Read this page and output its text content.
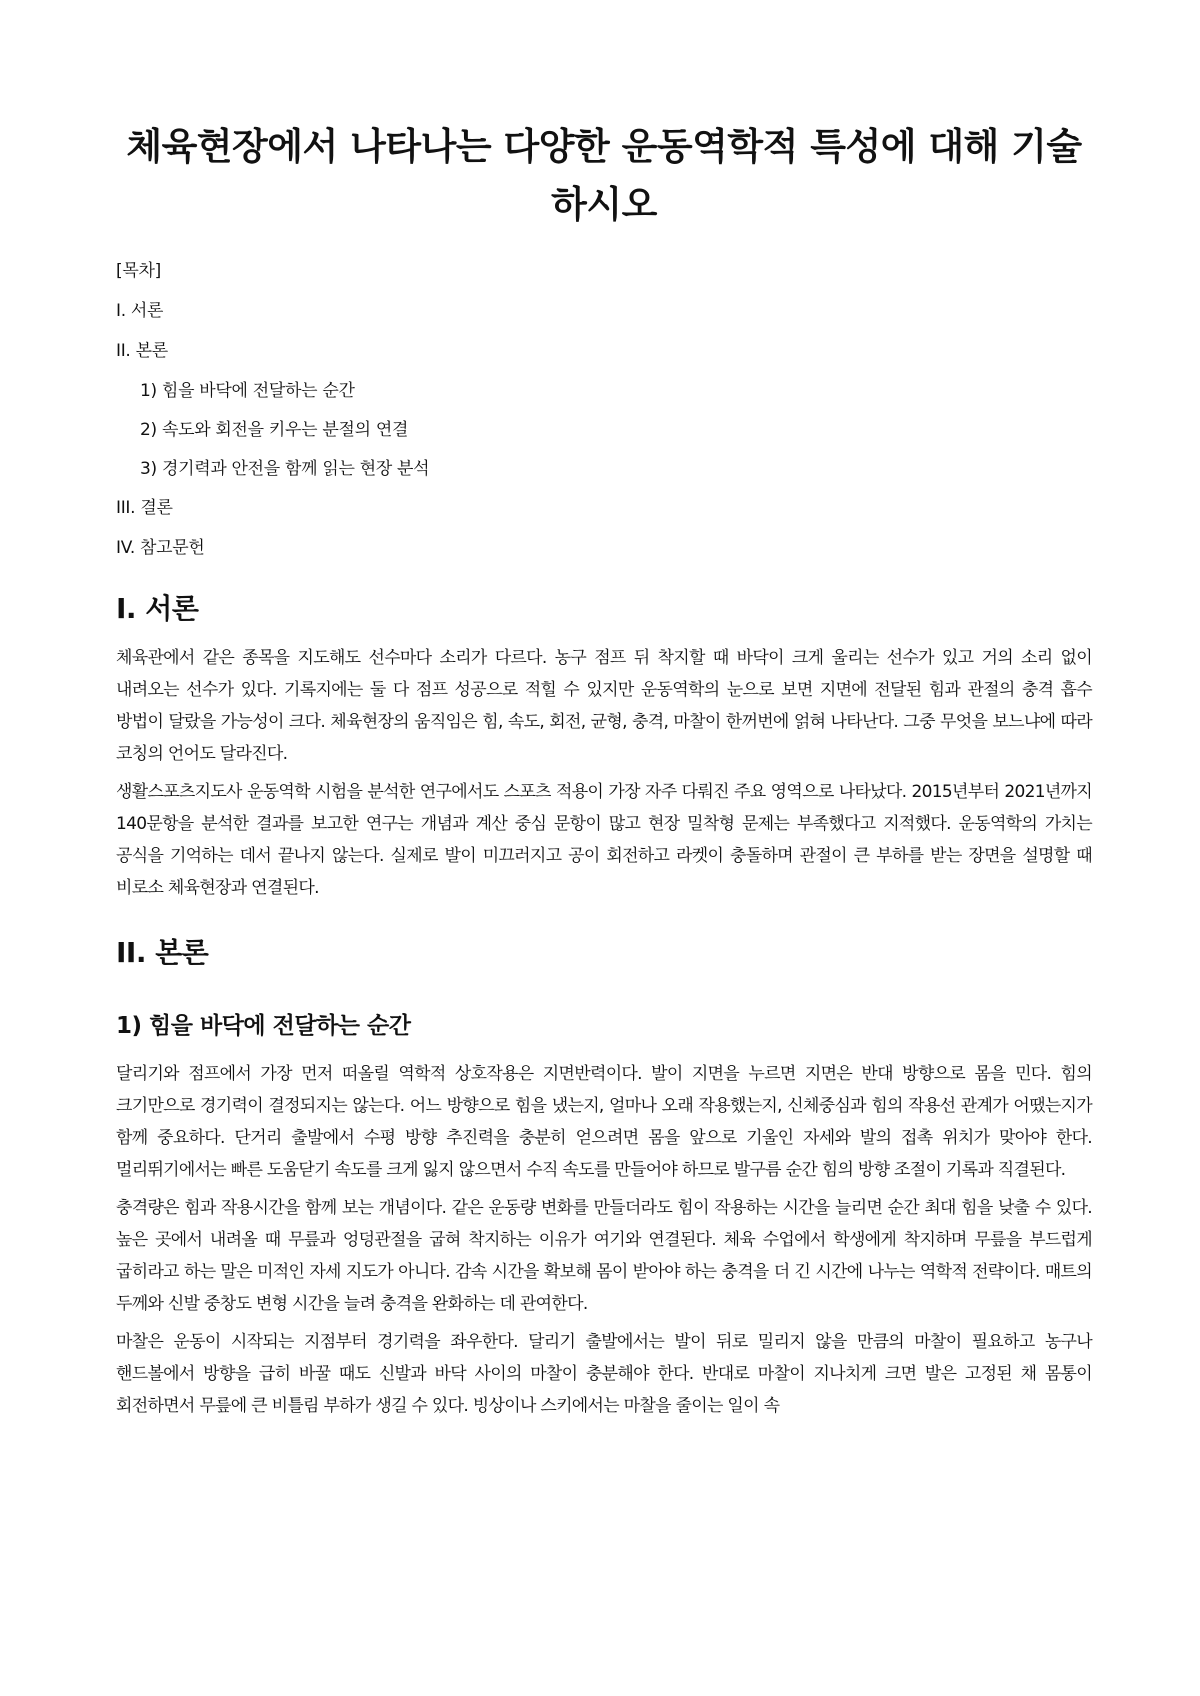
체육현장에서 나타나는 다양한 운동역학적 특성에 대해 기술하시오
[목차]
I. 서론
II. 본론
1) 힘을 바닥에 전달하는 순간
2) 속도와 회전을 키우는 분절의 연결
3) 경기력과 안전을 함께 읽는 현장 분석
III. 결론
IV. 참고문헌
I. 서론

체육관에서 같은 종목을 지도해도 선수마다 소리가 다르다. 농구 점프 뒤 착지할 때 바닥이 크게 울리는 선수가 있고 거의 소리 없이 내려오는 선수가 있다. 기록지에는 둘 다 점프 성공으로 적힐 수 있지만 운동역학의 눈으로 보면 지면에 전달된 힘과 관절의 충격 흡수 방법이 달랐을 가능성이 크다. 체육현장의 움직임은 힘, 속도, 회전, 균형, 충격, 마찰이 한꺼번에 얽혀 나타난다. 그중 무엇을 보느냐에 따라 코칭의 언어도 달라진다.

생활스포츠지도사 운동역학 시험을 분석한 연구에서도 스포츠 적용이 가장 자주 다뤄진 주요 영역으로 나타났다. 2015년부터 2021년까지 140문항을 분석한 결과를 보고한 연구는 개념과 계산 중심 문항이 많고 현장 밀착형 문제는 부족했다고 지적했다. 운동역학의 가치는 공식을 기억하는 데서 끝나지 않는다. 실제로 발이 미끄러지고 공이 회전하고 라켓이 충돌하며 관절이 큰 부하를 받는 장면을 설명할 때 비로소 체육현장과 연결된다.

II. 본론
1) 힘을 바닥에 전달하는 순간

달리기와 점프에서 가장 먼저 떠올릴 역학적 상호작용은 지면반력이다. 발이 지면을 누르면 지면은 반대 방향으로 몸을 민다. 힘의 크기만으로 경기력이 결정되지는 않는다. 어느 방향으로 힘을 냈는지, 얼마나 오래 작용했는지, 신체중심과 힘의 작용선 관계가 어땠는지가 함께 중요하다. 단거리 출발에서 수평 방향 추진력을 충분히 얻으려면 몸을 앞으로 기울인 자세와 발의 접촉 위치가 맞아야 한다. 멀리뛰기에서는 빠른 도움닫기 속도를 크게 잃지 않으면서 수직 속도를 만들어야 하므로 발구름 순간 힘의 방향 조절이 기록과 직결된다.

충격량은 힘과 작용시간을 함께 보는 개념이다. 같은 운동량 변화를 만들더라도 힘이 작용하는 시간을 늘리면 순간 최대 힘을 낮출 수 있다. 높은 곳에서 내려올 때 무릎과 엉덩관절을 굽혀 착지하는 이유가 여기와 연결된다. 체육 수업에서 학생에게 착지하며 무릎을 부드럽게 굽히라고 하는 말은 미적인 자세 지도가 아니다. 감속 시간을 확보해 몸이 받아야 하는 충격을 더 긴 시간에 나누는 역학적 전략이다. 매트의 두께와 신발 중창도 변형 시간을 늘려 충격을 완화하는 데 관여한다.

마찰은 운동이 시작되는 지점부터 경기력을 좌우한다. 달리기 출발에서는 발이 뒤로 밀리지 않을 만큼의 마찰이 필요하고 농구나 핸드볼에서 방향을 급히 바꿀 때도 신발과 바닥 사이의 마찰이 충분해야 한다. 반대로 마찰이 지나치게 크면 발은 고정된 채 몸통이 회전하면서 무릎에 큰 비틀림 부하가 생길 수 있다. 빙상이나 스키에서는 마찰을 줄이는 일이 속
